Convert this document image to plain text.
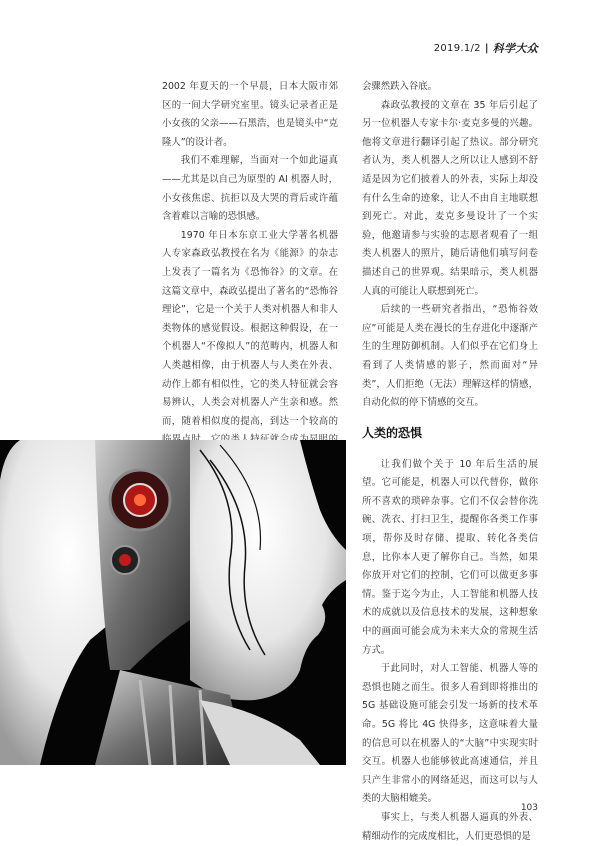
2019.1/2 | 科学大众

2002 年夏天的一个早晨，日本大阪市郊区的一间大学研究室里。镜头记录者正是小女孩的父亲——石黑浩，也是镜头中“克隆人”的设计者。

我们不难理解，当面对一个如此逼真——尤其是以自己为原型的 AI 机器人时，小女孩焦虑、抗拒以及大哭的背后或许蕴含着难以言喻的恐惧感。

1970 年日本东京工业大学著名机器人专家森政弘教授在名为《能源》的杂志上发表了一篇名为《恐怖谷》的文章。在这篇文章中，森政弘提出了著名的“恐怖谷理论”，它是一个关于人类对机器人和非人类物体的感觉假设。根据这种假设，在一个机器人“不像拟人”的范畴内，机器人和人类越相像，由于机器人与人类在外表、动作上都有相似性，它的类人特征就会容易辨认，人类会对机器人产生亲和感。然而，随着相似度的提高，到达一个较高的

会骤然跌入谷底。

森政弘教授的文章在 35 年后引起了另一位机器人专家卡尔·麦克多曼的兴趣。他将文章进行翻译引起了热议。部分研究者认为，类人机器人之所以让人感到不舒适是因为它们披着人的外表，实际上却没有什么生命的迹象，让人不由自主地联想到死亡。对此，麦克多曼设计了一个实验，他邀请参与实验的志愿者观看了一组类人机器人的照片，随后请他们填写问卷描述自己的世界观。结果暗示，类人机器人真的可能让人联想到死亡。

后续的一些研究者指出，“恐怖谷效应”可能是人类在漫长的生存进化中逐渐产生的生理防御机制。人们似乎在它们身上看到了人类情感的影子，然而面对“异类”，人们拒绝（无法）理解这样的情感，自动化似的停下情感的交互。

人类的恐惧

让我们做个关于 10 年后生活的展望。它可能是，机器人可以代替你，做你所不喜欢的琐碎杂事。它们不仅会替你洗碗、洗衣、打扫卫生，提醒你各类工作事项，帮你及时存储、提取、转化各类信息，比你本人更了解你自己。当然，如果你放开对它们的控制，它们可以做更多事情。鉴于迄今为止，人工智能和机器人技术的成就以及信息技术的发展，这种想象中的画面可能会成为未来大众的常规生活方式。

于此同时，对人工智能、机器人等的恐惧也随之而生。很多人看到即将推出的 5G 基础设施可能会引发一场新的技术革命。5G 将比 4G 快得多，这意味着大量的信息可以在机器人的“大脑”中实现实时交互。机器人也能够彼此高速通信，并且只产生非常小的网络延迟，而这可以与人类的大脑相媲美。

事实上，与类人机器人逼真的外表、精细动作的完成度相比，人们更恐惧的是

103
